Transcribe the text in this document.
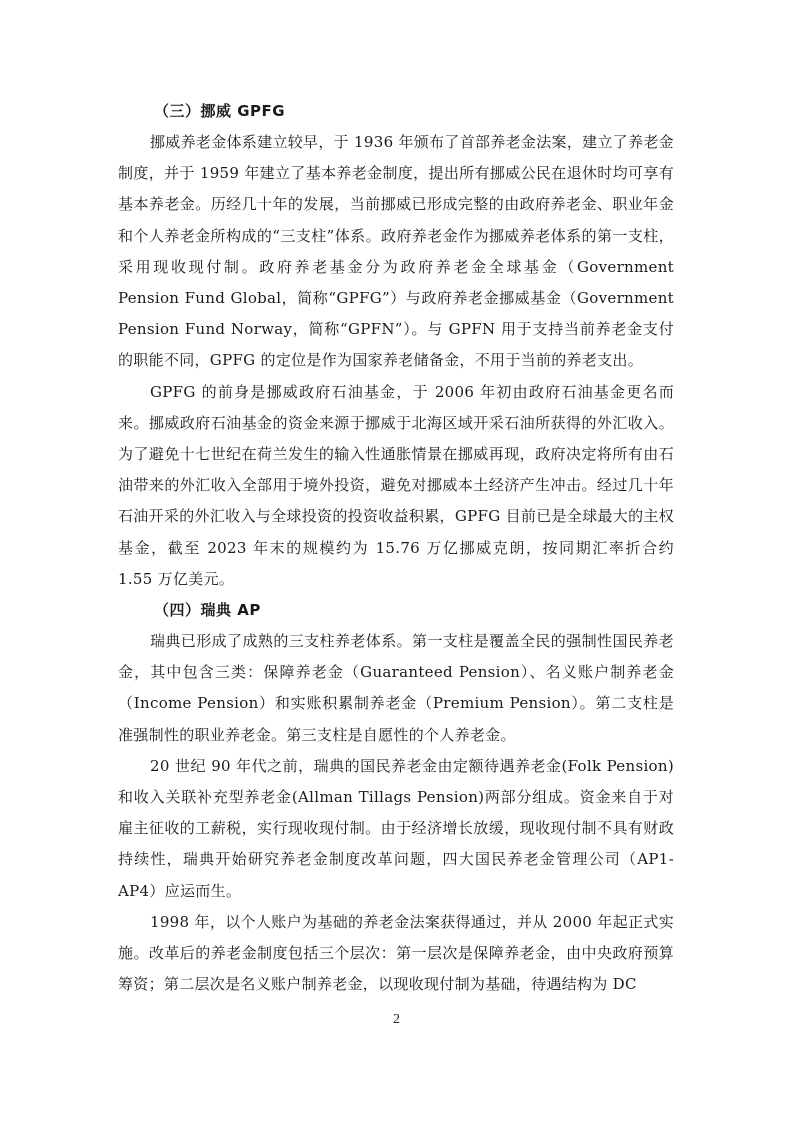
（三）挪威 GPFG

挪威养老金体系建立较早，于 1936 年颁布了首部养老金法案，建立了养老金制度，并于 1959 年建立了基本养老金制度，提出所有挪威公民在退休时均可享有基本养老金。历经几十年的发展，当前挪威已形成完整的由政府养老金、职业年金和个人养老金所构成的“三支柱”体系。政府养老金作为挪威养老体系的第一支柱，采用现收现付制。政府养老基金分为政府养老金全球基金（Government Pension Fund Global，简称“GPFG”）与政府养老金挪威基金（Government Pension Fund Norway，简称“GPFN”）。与 GPFN 用于支持当前养老金支付的职能不同，GPFG 的定位是作为国家养老储备金，不用于当前的养老支出。

GPFG 的前身是挪威政府石油基金，于 2006 年初由政府石油基金更名而来。挪威政府石油基金的资金来源于挪威于北海区域开采石油所获得的外汇收入。为了避免十七世纪在荷兰发生的输入性通胀情景在挪威再现，政府决定将所有由石油带来的外汇收入全部用于境外投资，避免对挪威本土经济产生冲击。经过几十年石油开采的外汇收入与全球投资的投资收益积累，GPFG 目前已是全球最大的主权基金，截至 2023 年末的规模约为 15.76 万亿挪威克朗，按同期汇率折合约 1.55 万亿美元。

（四）瑞典 AP

瑞典已形成了成熟的三支柱养老体系。第一支柱是覆盖全民的强制性国民养老金，其中包含三类：保障养老金（Guaranteed Pension）、名义账户制养老金（Income Pension）和实账积累制养老金（Premium Pension）。第二支柱是准强制性的职业养老金。第三支柱是自愿性的个人养老金。

20 世纪 90 年代之前，瑞典的国民养老金由定额待遇养老金(Folk Pension)和收入关联补充型养老金(Allman Tillags Pension)两部分组成。资金来自于对雇主征收的工薪税，实行现收现付制。由于经济增长放缓，现收现付制不具有财政持续性，瑞典开始研究养老金制度改革问题，四大国民养老金管理公司（AP1-AP4）应运而生。

1998 年，以个人账户为基础的养老金法案获得通过，并从 2000 年起正式实施。改革后的养老金制度包括三个层次：第一层次是保障养老金，由中央政府预算筹资；第二层次是名义账户制养老金，以现收现付制为基础，待遇结构为 DC

2
